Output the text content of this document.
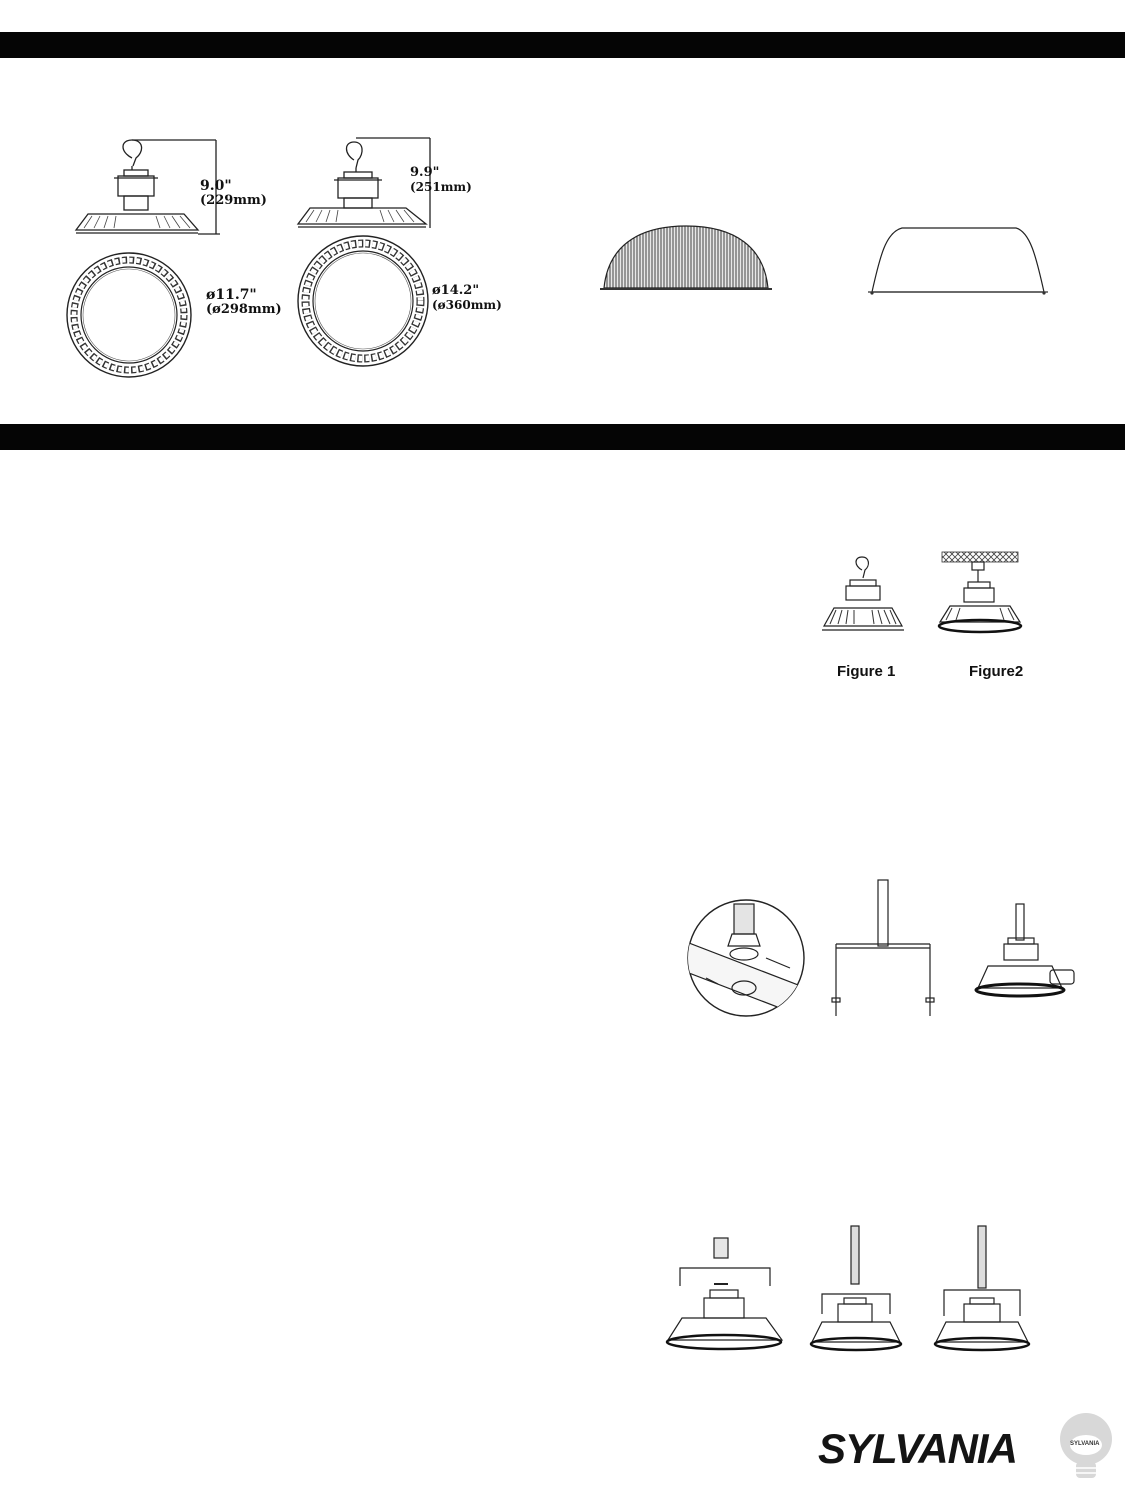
9.0"
(229mm)
ø11.7"
(ø298mm)
9.9"
(251mm)
ø14.2"
(ø360mm)
Figure 1	Figure2
SYLVANIA	SYLVANIA
